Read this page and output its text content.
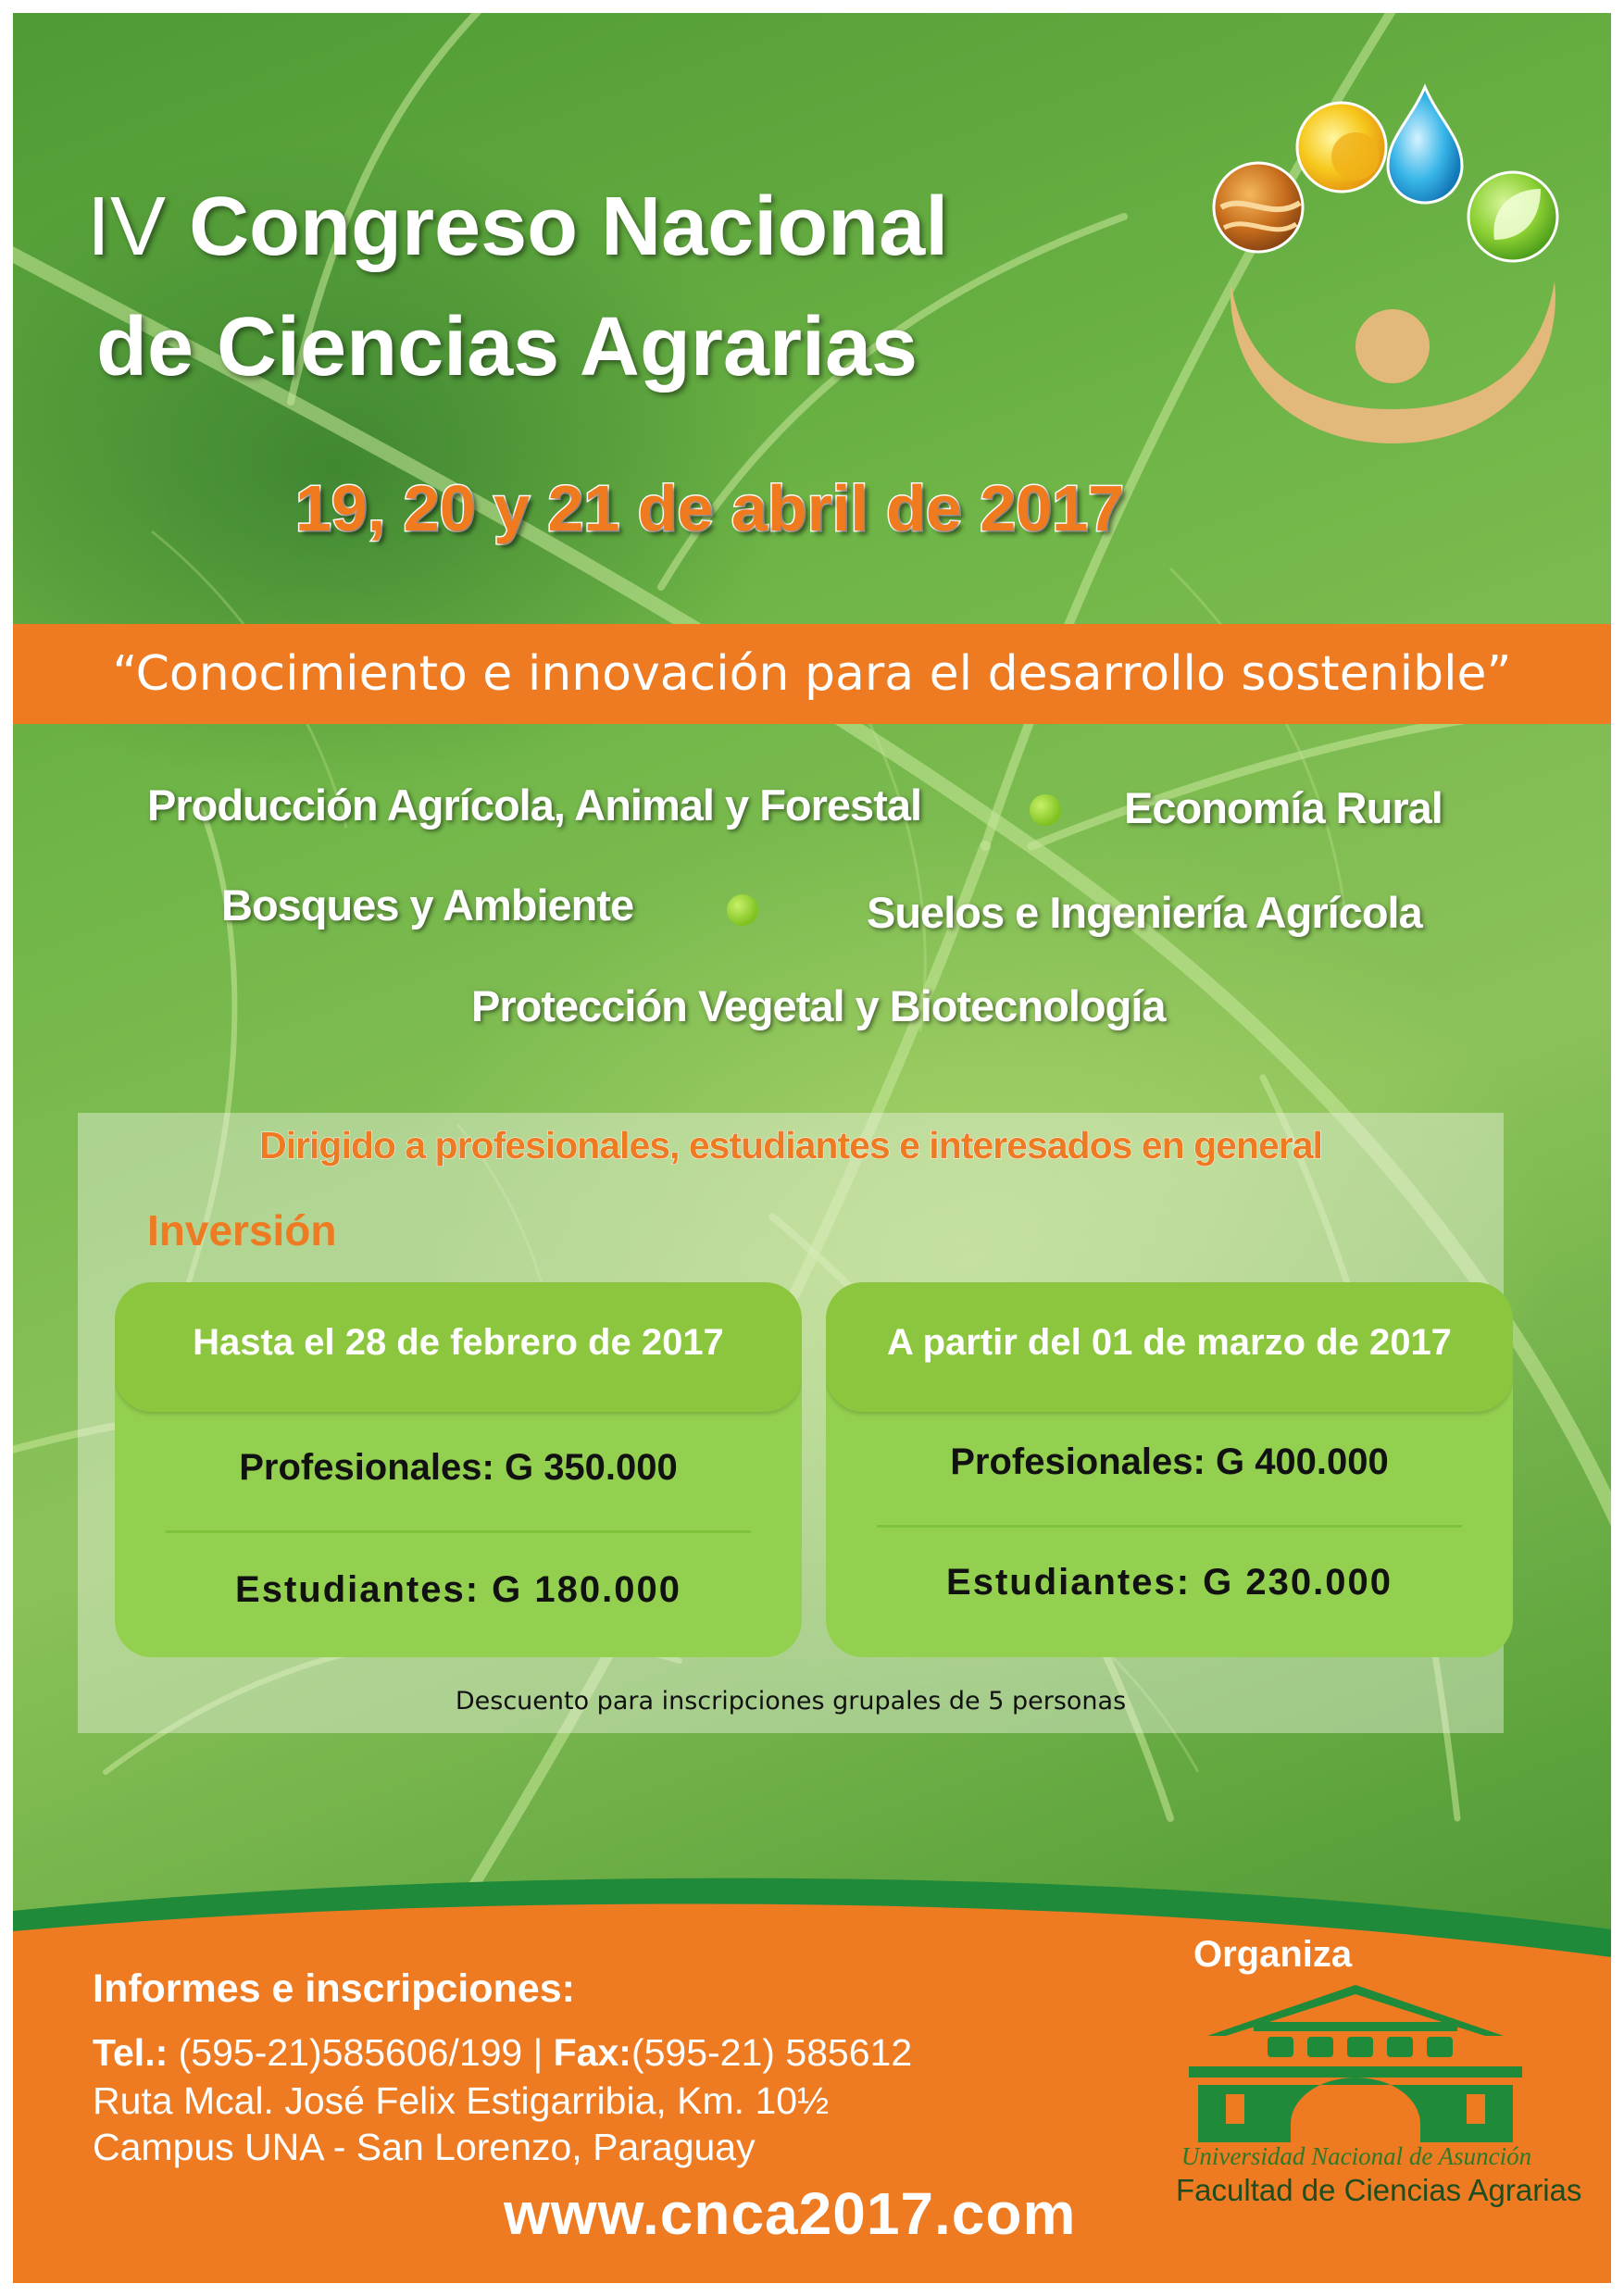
IV Congreso Nacional
de Ciencias Agrarias
19, 20 y 21 de abril de 2017
“Conocimiento e innovación para el desarrollo sostenible”
Producción Agrícola, Animal y Forestal	Economía Rural
Bosques y Ambiente	Suelos e Ingeniería Agrícola
Protección Vegetal y Biotecnología
Dirigido a profesionales, estudiantes e interesados en general
Inversión
Hasta el 28 de febrero de 2017
Profesionales: G 350.000
Estudiantes: G 180.000
A partir del 01 de marzo de 2017
Profesionales: G 400.000
Estudiantes: G 230.000
Descuento para inscripciones grupales de 5 personas
Informes e inscripciones:
Tel.: (595-21)585606/199 | Fax:(595-21) 585612
Ruta Mcal. José Felix Estigarribia, Km. 10½
Campus UNA - San Lorenzo, Paraguay
www.cnca2017.com
Organiza
Universidad Nacional de Asunción
Facultad de Ciencias Agrarias
